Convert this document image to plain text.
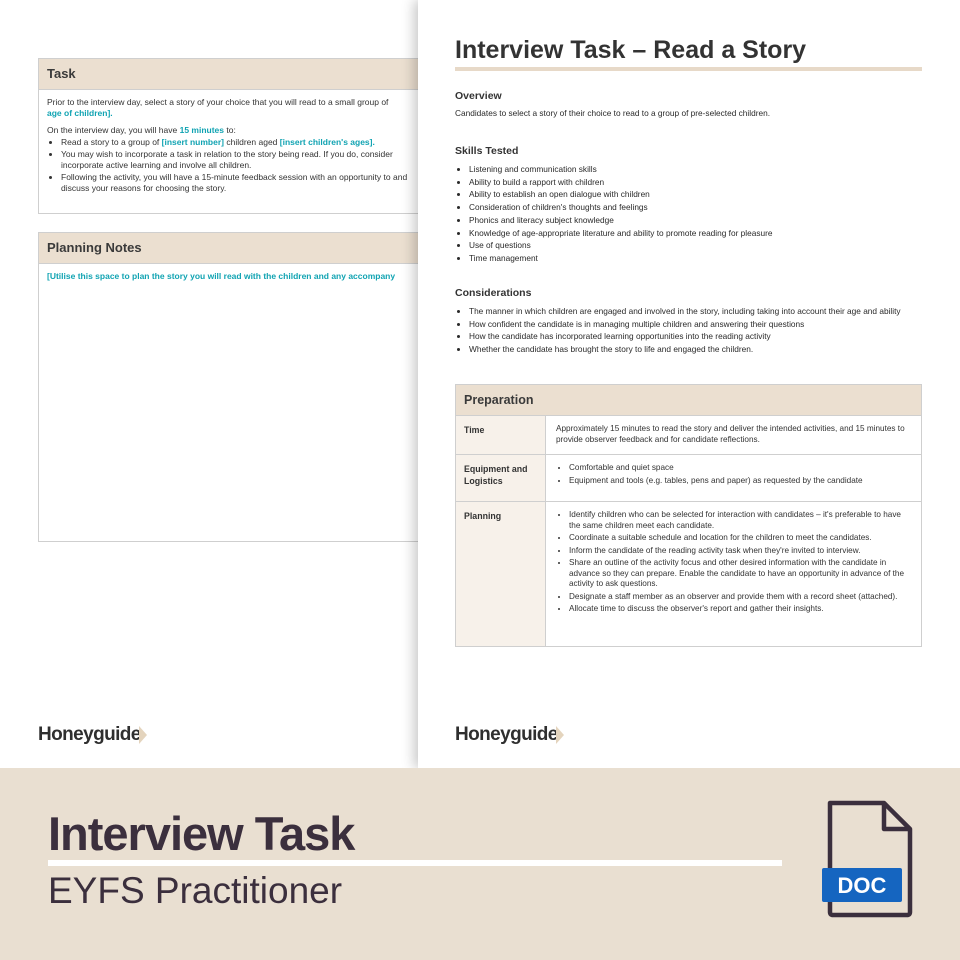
Task

Prior to the interview day, select a story of your choice that you will read to a small group of
age of children].

On the interview day, you will have 15 minutes to:

• Read a story to a group of [insert number] children aged [insert children's ages].
• You may wish to incorporate a task in relation to the story being read. If you do, consider incorporate active learning and involve all children.
• Following the activity, you will have a 15-minute feedback session with an opportunity to and discuss your reasons for choosing the story.
Planning Notes
[Utilise this space to plan the story you will read with the children and any accompany
Honeyguide
Interview Task – Read a Story
Overview

Candidates to select a story of their choice to read to a group of pre-selected children.

Skills Tested
• Listening and communication skills
• Ability to build a rapport with children
• Ability to establish an open dialogue with children
• Consideration of children's thoughts and feelings
• Phonics and literacy subject knowledge
• Knowledge of age-appropriate literature and ability to promote reading for pleasure
• Use of questions
• Time management
Considerations
• The manner in which children are engaged and involved in the story, including taking into account their age and ability
• How confident the candidate is in managing multiple children and answering their questions
• How the candidate has incorporated learning opportunities into the reading activity
• Whether the candidate has brought the story to life and engaged the children.
Preparation
Time	Approximately 15 minutes to read the story and deliver the intended activities, and 15 minutes to provide observer feedback and for candidate reflections.
Equipment and Logistics
• Comfortable and quiet space
• Equipment and tools (e.g. tables, pens and paper) as requested by the candidate
Planning
•	Identify children who can be selected for interaction with candidates – it's preferable to have the same children meet each candidate.
• Coordinate a suitable schedule and location for the children to meet the candidates.
• Inform the candidate of the reading activity task when they're invited to interview.
• Share an outline of the activity focus and other desired information with the candidate in advance so they can prepare. Enable the candidate to have an opportunity in advance of the activity to ask questions.
• Designate a staff member as an observer and provide them with a record sheet (attached).
• Allocate time to discuss the observer's report and gather their insights.
Honeyguide
Interview Task
EYFS Practitioner	DOC
